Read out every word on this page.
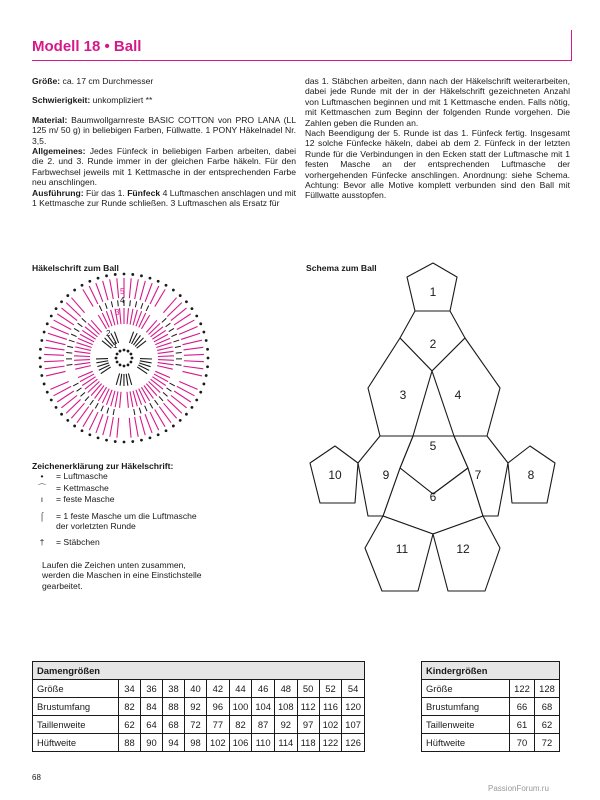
Modell 18 • Ball

Größe: ca. 17 cm Durchmesser

Schwierigkeit: unkompliziert **

Material: Baumwollgarnreste BASIC COTTON von PRO LANA (LL 125 m/ 50 g) in beliebigen Farben, Füllwatte. 1 PONY Häkelnadel Nr. 3,5.

Allgemeines: Jedes Fünfeck in beliebigen Farben arbeiten, dabei die 2. und 3. Runde immer in der gleichen Farbe häkeln. Für den Farbwechsel jeweils mit 1 Kettmasche in der entsprechenden Farbe neu anschlingen.

Ausführung: Für das 1. Fünfeck 4 Luftmaschen anschlagen und mit 1 Kettmasche zur Runde schließen. 3 Luftmaschen als Ersatz für

das 1. Stäbchen arbeiten, dann nach der Häkelschrift weiterarbeiten, dabei jede Runde mit der in der Häkelschrift gezeichneten Anzahl von Luftmaschen beginnen und mit 1 Kettmasche enden. Falls nötig, mit Kettmaschen zum Beginn der folgenden Runde vorgehen. Die Zahlen geben die Runden an.

Nach Beendigung der 5. Runde ist das 1. Fünfeck fertig. Insgesamt 12 solche Fünfecke häkeln, dabei ab dem 2. Fünfeck in der letzten Runde für die Verbindungen in den Ecken statt der Luftmasche mit 1 festen Masche an der entsprechenden Luftmasche der vorhergehenden Fünfecke anschlingen. Anordnung: siehe Schema. Achtung: Bevor alle Motive komplett verbunden sind den Ball mit Füllwatte ausstopfen.

Häkelschrift zum Ball	Schema zum Ball
5
4
3
2
1
1
2
3	4
5
6
7	8
9
10
11	12
Zeichenerklärung zur Häkelschrift:
•	= Luftmasche
⌒	= Kettmasche
ı	= feste Masche
⌠	= 1 feste Masche um die Luftmasche der vorletzten Runde
†	= Stäbchen
Laufen die Zeichen unten zusammen, werden die Maschen in eine Einstichstelle gearbeitet.
Damengrößen											
Größe	34	36	38	40	42	44	46	48	50	52	54
Brustumfang	82	84	88	92	96	100	104	108	112	116	120
Taillenweite	62	64	68	72	77	82	87	92	97	102	107
Hüftweite	88	90	94	98	102	106	110	114	118	122	126
Kindergrößen		
Größe	122	128
Brustumfang	66	68
Taillenweite	61	62
Hüftweite	70	72
68
PassionForum.ru
